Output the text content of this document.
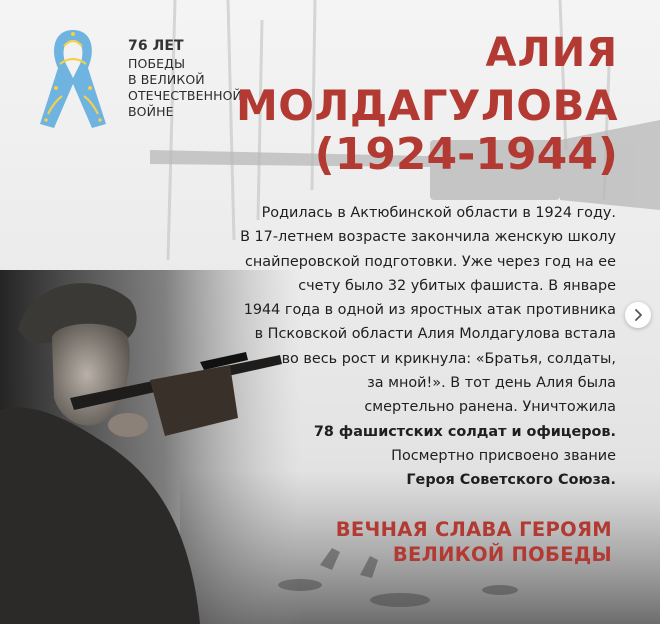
76 ЛЕТ
ПОБЕДЫ
В ВЕЛИКОЙ
ОТЕЧЕСТВЕННОЙ
ВОЙНЕ
АЛИЯ
МОЛДАГУЛОВА
(1924-1944)
Родилась в Актюбинской области в 1924 году.
В 17-летнем возрасте закончила женскую школу
снайперовской подготовки. Уже через год на ее
счету было 32 убитых фашиста. В январе
1944 года в одной из яростных атак противника
в Псковской области Алия Молдагулова встала
во весь рост и крикнула: «Братья, солдаты,
за мной!». В тот день Алия была
смертельно ранена. Уничтожила
78 фашистских солдат и офицеров.
Посмертно присвоено звание
Героя Советского Союза.
ВЕЧНАЯ СЛАВА ГЕРОЯМ
ВЕЛИКОЙ ПОБЕДЫ
